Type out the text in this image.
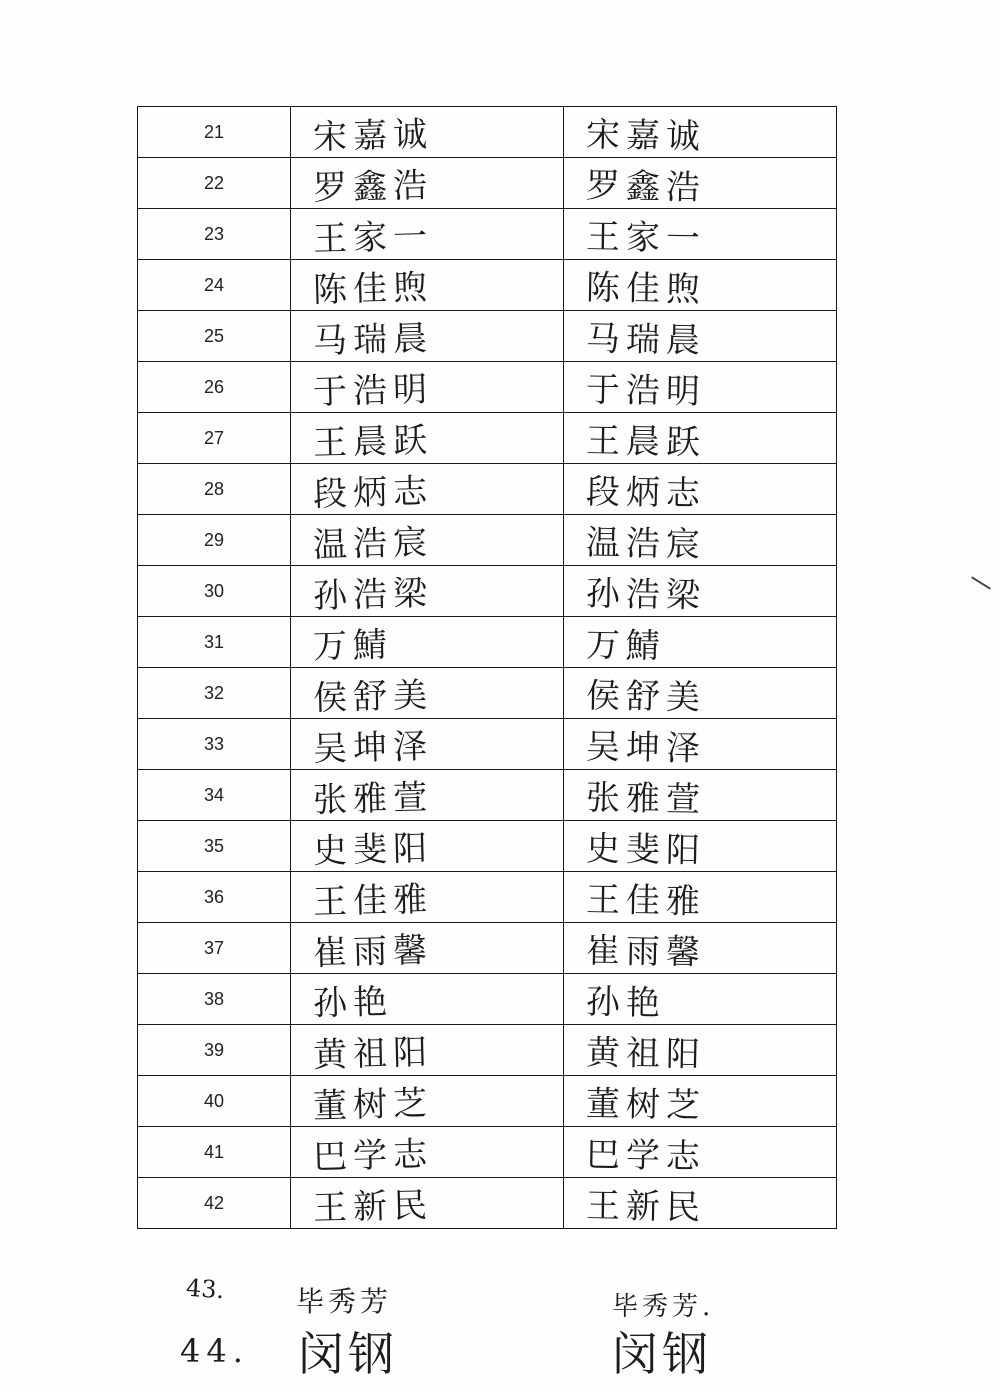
21	宋嘉诚	宋嘉诚
22	罗鑫浩	罗鑫浩
23	王家一	王家一
24	陈佳煦	陈佳煦
25	马瑞晨	马瑞晨
26	于浩明	于浩明
27	王晨跃	王晨跃
28	段炳志	段炳志
29	温浩宸	温浩宸
30	孙浩梁	孙浩梁
31	万鯖	万鯖
32	侯舒美	侯舒美
33	吴坤泽	吴坤泽
34	张雅萱	张雅萱
35	史斐阳	史斐阳
36	王佳雅	王佳雅
37	崔雨馨	崔雨馨
38	孙艳	孙艳
39	黄祖阳	黄祖阳
40	董树芝	董树芝
41	巴学志	巴学志
42	王新民	王新民
43.	毕秀芳	毕秀芳.
44. 闵钢	闵钢
